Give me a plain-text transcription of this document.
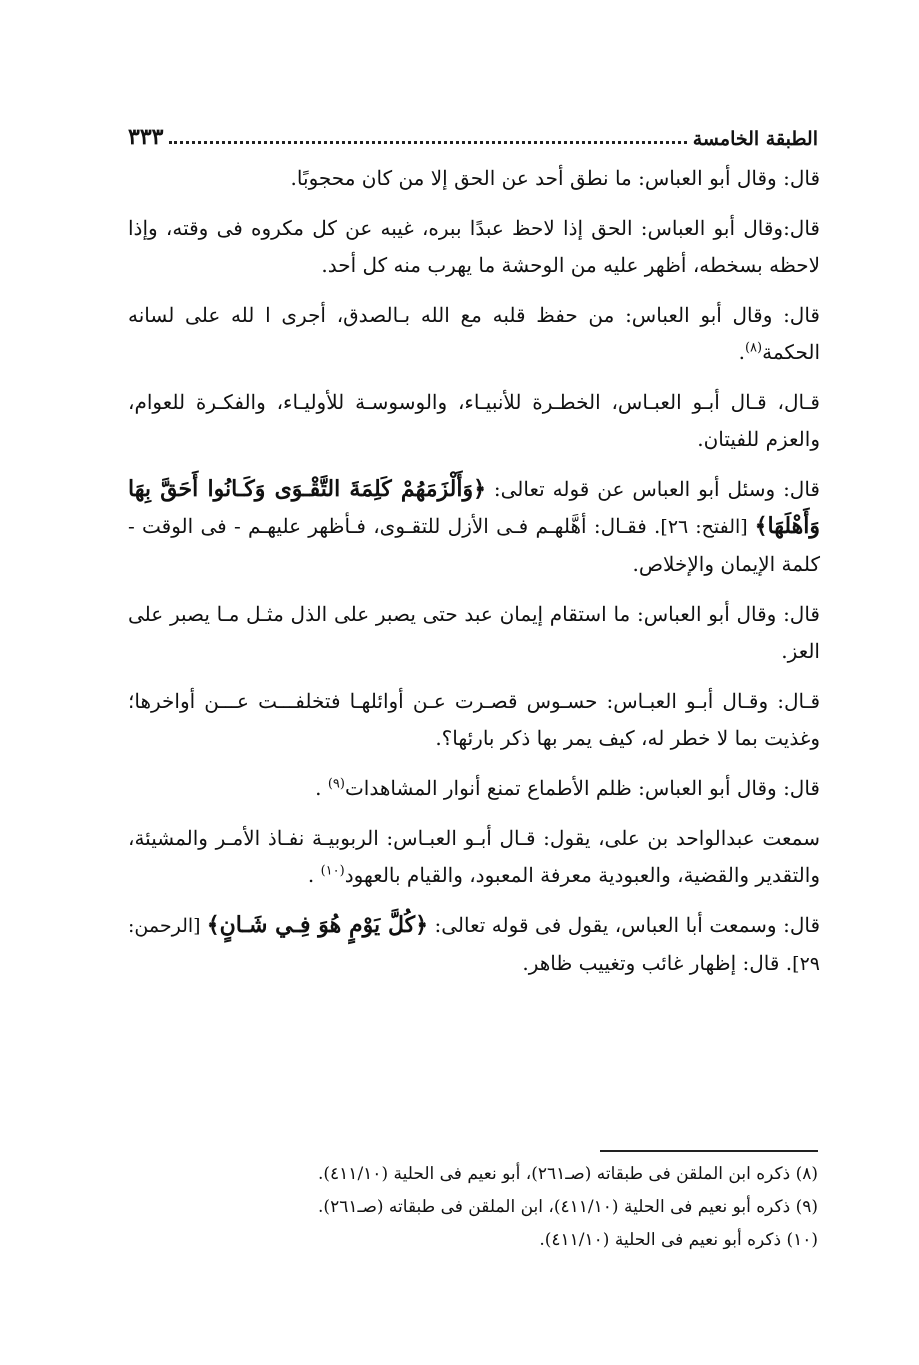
الطبقة الخامسة
٣٣٣

قال: وقال أبو العباس: ما نطق أحد عن الحق إلا من كان محجوبًا.

قال:وقال أبو العباس: الحق إذا لاحظ عبدًا ببره، غيبه عن كل مكروه فى وقته، وإذا لاحظه بسخطه، أظهر عليه من الوحشة ما يهرب منه كل أحد.

قال: وقال أبو العباس: من حفظ قلبه مع الله بـالصدق، أجرى ا لله على لسانه الحكمة$^{(٨)}$.

قـال، قـال أبـو العبـاس، الخطـرة للأنبيـاء، والوسوسـة للأوليـاء، والفكـرة للعوام، والعزم للفيتان.

قال: وسئل أبو العباس عن قوله تعالى: ﴿وَأَلْزَمَهُمْ كَلِمَةَ التَّقْـوَى وَكَـانُوا أَحَقَّ بِهَا وَأَهْلَهَا﴾ [الفتح: ٢٦]. فقـال: أهَّلهـم فـى الأزل للتقـوى، فـأظهر عليهـم - فى الوقت - كلمة الإيمان والإخلاص.

قال: وقال أبو العباس: ما استقام إيمان عبد حتى يصبر على الذل مثـل مـا يصبر على العز.

قـال: وقـال أبـو العبـاس: حسـوس قصـرت عـن أوائلهـا فتخلفـــت عـــن أواخرها؛ وغذيت بما لا خطر له، كيف يمر بها ذكر بارئها؟.

قال: وقال أبو العباس: ظلم الأطماع تمنع أنوار المشاهدات$^{(٩)}$ .

سمعت عبدالواحد بن على، يقول: قـال أبـو العبـاس: الربوبيـة نفـاذ الأمـر والمشيئة، والتقدير والقضية، والعبودية معرفة المعبود، والقيام بالعهود$^{(١٠)}$ .

قال: وسمعت أبا العباس، يقول فى قوله تعالى: ﴿كُلَّ يَوْمٍ هُوَ فِـي شَـانٍ﴾ [الرحمن: ٢٩]. قال: إظهار غائب وتغييب ظاهر.

(٨) ذكره ابن الملقن فى طبقاته (صـ٢٦١)، أبو نعيم فى الحلية (٤١١/١٠).
(٩) ذكره أبو نعيم فى الحلية (٤١١/١٠)، ابن الملقن فى طبقاته (صـ٢٦١).
(١٠) ذكره أبو نعيم فى الحلية (٤١١/١٠).
